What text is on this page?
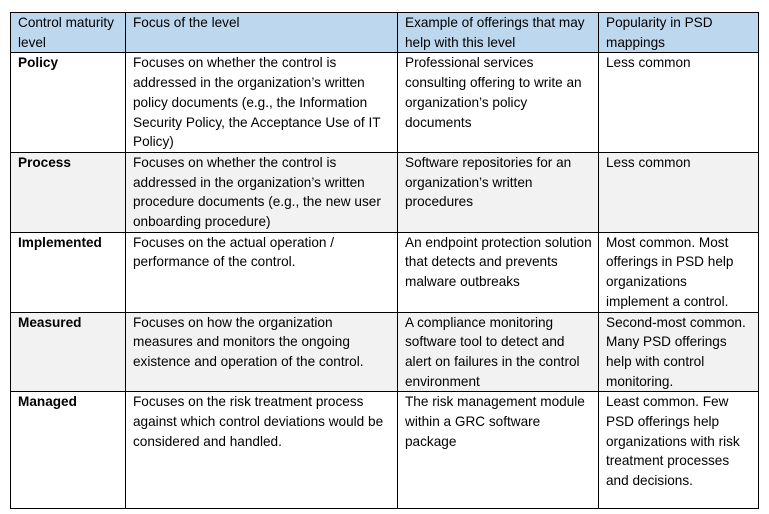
Control maturity level	Focus of the level	Example of offerings that may help with this level	Popularity in PSD mappings
Policy	Focuses on whether the control is addressed in the organization’s written policy documents (e.g., the Information Security Policy, the Acceptance Use of IT Policy)	Professional services consulting offering to write an organization’s policy documents	Less common
Process	Focuses on whether the control is addressed in the organization’s written procedure documents (e.g., the new user onboarding procedure)	Software repositories for an organization’s written procedures	Less common
Implemented	Focuses on the actual operation / performance of the control.	An endpoint protection solution that detects and prevents malware outbreaks	Most common. Most offerings in PSD help organizations implement a control.
Measured	Focuses on how the organization measures and monitors the ongoing existence and operation of the control.	A compliance monitoring software tool to detect and alert on failures in the control environment	Second-most common. Many PSD offerings help with control monitoring.
Managed	Focuses on the risk treatment process against which control deviations would be considered and handled.	The risk management module within a GRC software package	Least common. Few PSD offerings help organizations with risk treatment processes and decisions.
